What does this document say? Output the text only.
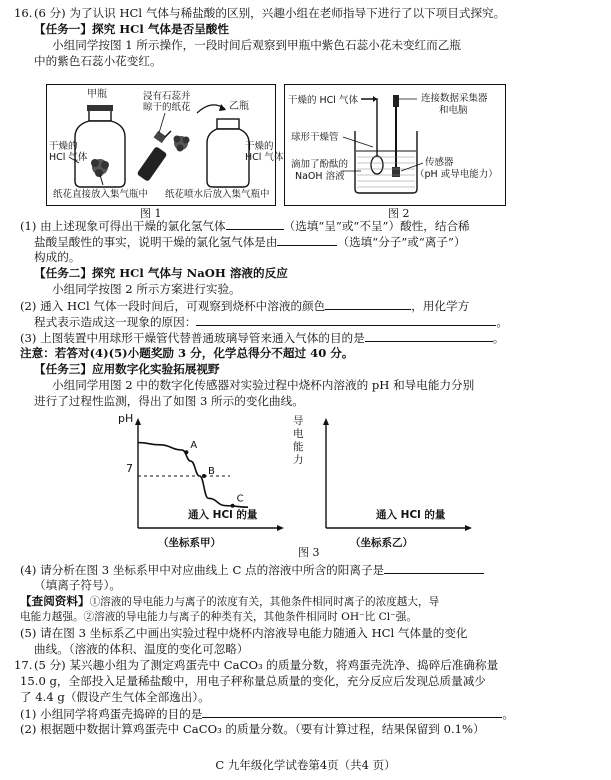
16. (6 分) 为了认识 HCl 气体与稀盐酸的区别，兴趣小组在老师指导下进行了以下项目式探究。
【任务一】探究 HCl 气体是否呈酸性
小组同学按图 1 所示操作，一段时间后观察到甲瓶中紫色石蕊小花未变红而乙瓶
中的紫色石蕊小花变红。
甲瓶
干燥的
HCl 气体
浸有石蕊并
晾干的纸花	乙瓶
干燥的
HCl 气体
纸花直接放入集气瓶中 纸花喷水后放入集气瓶中
图 1
干燥的 HCl 气体
球形干燥管
连接数据采集器
和电脑
滴加了酚酞的
NaOH 溶液
传感器
（pH 或导电能力）
图 2
(1) 由上述现象可得出干燥的氯化氢气体	（选填“呈”或“不呈”）酸性，结合稀
盐酸呈酸性的事实，说明干燥的氯化氢气体是由	（选填“分子”或“离子”）
构成的。
【任务二】探究 HCl 气体与 NaOH 溶液的反应
小组同学按图 2 所示方案进行实验。
(2) 通入 HCl 气体一段时间后，可观察到烧杯中溶液的颜色	，用化学方
程式表示造成这一现象的原因：	。
(3) 上图装置中用球形干燥管代替普通玻璃导管来通入气体的目的是	。
注意：若答对(4)(5)小题奖励 3 分，化学总得分不超过 40 分。
【任务三】应用数字化实验拓展视野
小组同学用图 2 中的数字化传感器对实验过程中烧杯内溶液的 pH 和导电能力分别
进行了过程性监测，得出了如图 3 所示的变化曲线。
pH
7
A
B
C
通入 HCl 的量
（坐标系甲）
导电能力
通入 HCl 的量
（坐标系乙）
图 3
(4) 请分析在图 3 坐标系甲中对应曲线上 C 点的溶液中所含的阳离子是
（填离子符号）。
【查阅资料】①溶液的导电能力与离子的浓度有关，其他条件相同时离子的浓度越大，导
电能力越强。②溶液的导电能力与离子的种类有关，其他条件相同时 OH⁻比 Cl⁻强。
(5) 请在图 3 坐标系乙中画出实验过程中烧杯内溶液导电能力随通入 HCl 气体量的变化
曲线。（溶液的体积、温度的变化可忽略）
17. (5 分) 某兴趣小组为了测定鸡蛋壳中 CaCO₃ 的质量分数，将鸡蛋壳洗净、捣碎后准确称量
15.0 g，全部投入足量稀盐酸中，用电子秤称量总质量的变化，充分反应后发现总质量减少
了 4.4 g（假设产生气体全部逸出）。
(1) 小组同学将鸡蛋壳捣碎的目的是	。
(2) 根据题中数据计算鸡蛋壳中 CaCO₃ 的质量分数。（要有计算过程，结果保留到 0.1%）
C 九年级化学试卷第4页（共4 页）
